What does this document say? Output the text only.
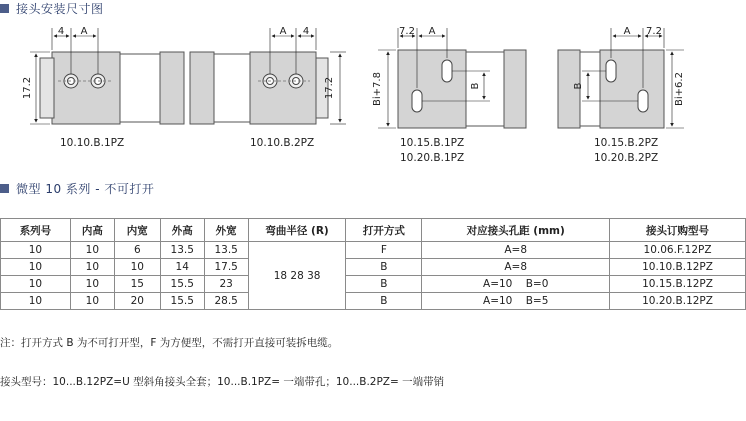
接头安装尺寸图
4 A	A 4
17.2	17.2
10.10.B.1PZ	10.10.B.2PZ
7.2 A	A 7.2
B	B
Bi+7.8	Bi+6.2
10.15.B.1PZ
10.20.B.1PZ
10.15.B.2PZ
10.20.B.2PZ
微型 10 系列 - 不可打开
系列号	内高	内宽	外高	外宽	弯曲半径 (R)	打开方式	对应接头孔距 (mm)	接头订购型号
10	10	6	13.5	13.5	18 28 38	F	A=8	10.06.F.12PZ
10	10	10	14	17.5		B	A=8	10.10.B.12PZ
10	10	15	15.5	23		B	A=10    B=0	10.15.B.12PZ
10	10	20	15.5	28.5		B	A=10    B=5	10.20.B.12PZ
注：打开方式 B 为不可打开型，F 为方便型，不需打开直接可装拆电缆。
接头型号：10...B.12PZ=U 型斜角接头全套；10...B.1PZ= 一端带孔；10...B.2PZ= 一端带销
